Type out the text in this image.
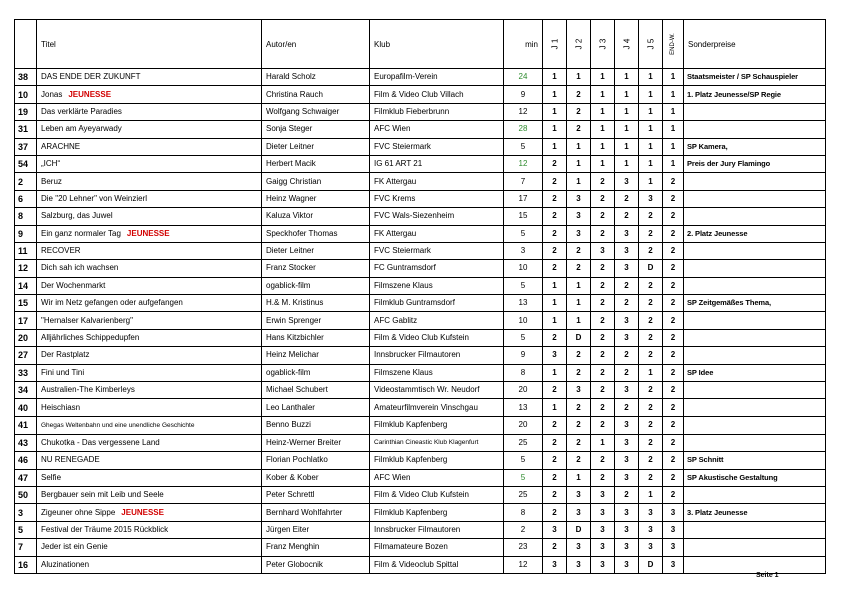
	Titel	Autor/en	Klub	min	J 1	J 2	J 3	J 4	J 5	END-W.	Sonderpreise
38	DAS ENDE DER ZUKUNFT	Harald Scholz	Europafilm-Verein	24	1	1	1	1	1	1	Staatsmeister / SP Schauspieler
10	Jonas JEUNESSE	Christina Rauch	Film & Video Club Villach	9	1	2	1	1	1	1	1. Platz Jeunesse/SP Regie
19	Das verklärte Paradies	Wolfgang Schwaiger	Filmklub Fieberbrunn	12	1	2	1	1	1	1	
31	Leben am Ayeyarwady	Sonja Steger	AFC Wien	28	1	2	1	1	1	1	
37	ARACHNE	Dieter Leitner	FVC Steiermark	5	1	1	1	1	1	1	SP Kamera,
54	„ICH“	Herbert Macik	IG 61 ART 21	12	2	1	1	1	1	1	Preis der Jury Flamingo
2	Beruz	Gaigg Christian	FK Attergau	7	2	1	2	3	1	2	
6	Die "20 Lehner" von Weinzierl	Heinz Wagner	FVC Krems	17	2	3	2	2	3	2	
8	Salzburg, das Juwel	Kaluza Viktor	FVC Wals-Siezenheim	15	2	3	2	2	2	2	
9	Ein ganz normaler Tag JEUNESSE	Speckhofer Thomas	FK Attergau	5	2	3	2	3	2	2	2. Platz Jeunesse
11	RECOVER	Dieter Leitner	FVC Steiermark	3	2	2	3	3	2	2	
12	Dich sah ich wachsen	Franz Stocker	FC Guntramsdorf	10	2	2	2	3	D	2	
14	Der Wochenmarkt	ogablick-film	Filmszene Klaus	5	1	1	2	2	2	2	
15	Wir im Netz gefangen oder aufgefangen	H.& M. Kristinus	Filmklub Guntramsdorf	13	1	1	2	2	2	2	SP Zeitgemäßes Thema,
17	"Hernalser Kalvarienberg"	Erwin Sprenger	AFC Gablitz	10	1	1	2	3	2	2	
20	Alljährliches Schippedupfen	Hans Kitzbichler	Film & Video Club Kufstein	5	2	D	2	3	2	2	
27	Der Rastplatz	Heinz Melichar	Innsbrucker Filmautoren	9	3	2	2	2	2	2	
33	Fini und Tini	ogablick-film	Filmszene Klaus	8	1	2	2	2	1	2	SP Idee
34	Australien-The Kimberleys	Michael Schubert	Videostammtisch Wr. Neudorf	20	2	3	2	3	2	2	
40	Heischiasn	Leo Lanthaler	Amateurfilmverein Vinschgau	13	1	2	2	2	2	2	
41	Ghegas Weltenbahn und eine unendliche Geschichte	Benno Buzzi	Filmklub Kapfenberg	20	2	2	2	3	2	2	
43	Chukotka - Das vergessene Land	Heinz-Werner Breiter	Carinthian Cineastic Klub Klagenfurt	25	2	2	1	3	2	2	
46	NU RENEGADE	Florian Pochlatko	Filmklub Kapfenberg	5	2	2	2	3	2	2	SP Schnitt
47	Selfie	Kober & Kober	AFC Wien	5	2	1	2	3	2	2	SP Akustische Gestaltung
50	Bergbauer sein mit Leib und Seele	Peter Schrettl	Film & Video Club Kufstein	25	2	3	3	2	1	2	
3	Zigeuner ohne Sippe JEUNESSE	Bernhard Wohlfahrter	Filmklub Kapfenberg	8	2	3	3	3	3	3	3. Platz Jeunesse
5	Festival der Träume 2015 Rückblick	Jürgen Eiter	Innsbrucker Filmautoren	2	3	D	3	3	3	3	
7	Jeder ist ein Genie	Franz Menghin	Filmamateure Bozen	23	2	3	3	3	3	3	
16	Aluzinationen	Peter Globocnik	Film & Videoclub Spittal	12	3	3	3	3	D	3	
Seite 1
